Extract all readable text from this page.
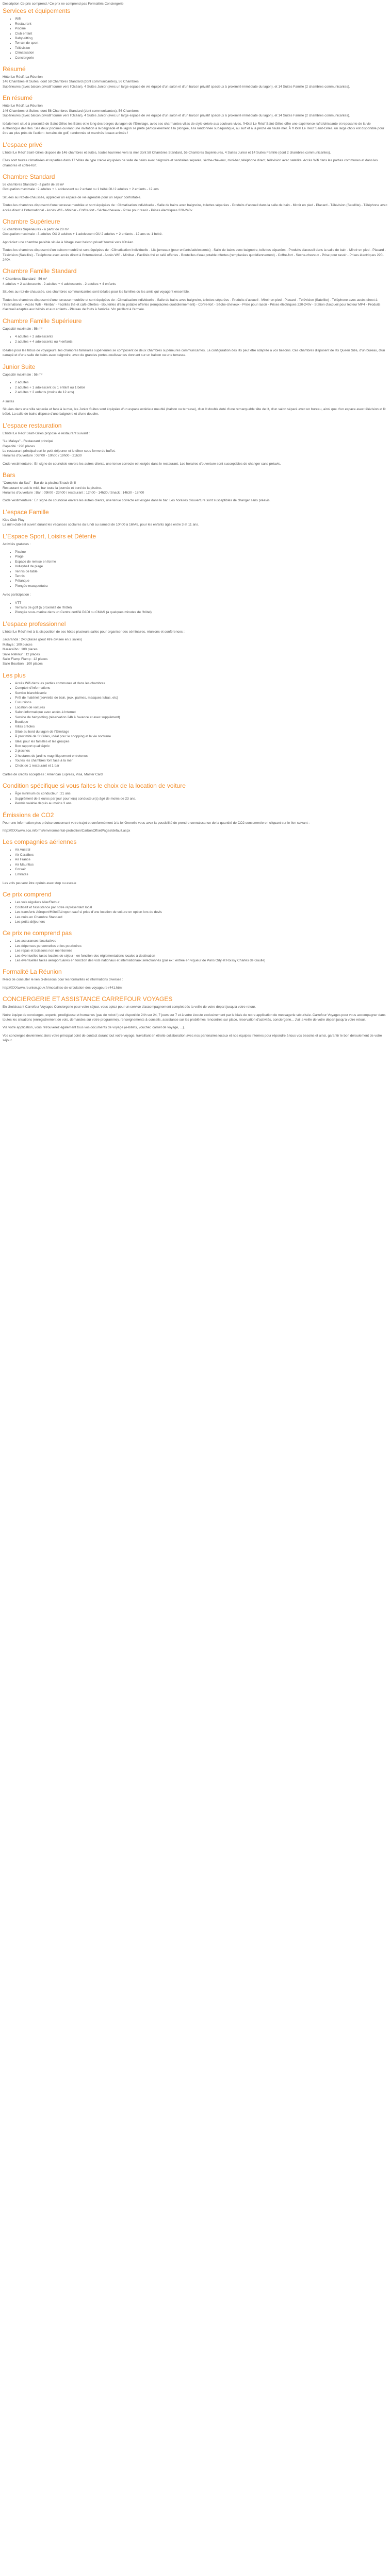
Description Ce prix comprend / Ce prix ne comprend pas Formalités Conciergerie
Services et équipements
• Wifi
• Restaurant
• Piscine
• Club enfant
• Baby-sitting
• Terrain de sport
• Télévision
• Climatisation
• Conciergerie
Résumé

Hôtel Le Récif, La Réunion
146 Chambres et Suites, dont 58 Chambres Standard (dont communicantes), 56 Chambres
Supérieures (avec balcon privatif tourné vers l'Océan), 4 Suites Junior (avec un large espace de vie équipé d'un salon et d'un balcon privatif spacieux à proximité immédiate du lagon), et 14 Suites Famille (2 chambres communicantes).

En résumé

Hôtel Le Récif, La Réunion
146 Chambres et Suites, dont 58 Chambres Standard (dont communicantes), 56 Chambres
Supérieures (avec balcon privatif tourné vers l'Océan), 4 Suites Junior (avec un large espace de vie équipé d'un salon et d'un balcon privatif spacieux à proximité immédiate du lagon), et 14 Suites Famille (2 chambres communicantes).

Idéalement situé à proximité de Saint-Gilles les Bains et le long des berges du lagon de l'Ermitage, avec ses charmantes villas de style créole aux couleurs vives, l'Hôtel Le Récif Saint-Gilles offre une expérience rafraîchissante et reposante de la vie authentique des îles. Ses deux piscines ouvrant une invitation à la baignade et le lagon se prête particulièrement à la plongée, à la randonnée subaquatique, au surf et à la pêche en haute mer. À l'Hôtel Le Récif Saint-Gilles, un large choix est disponible pour être au plus près de l'action : terrains de golf, randonnée et marchés locaux animés !

L'espace privé

L'hôtel Le Récif Saint-Gilles dispose de 146 chambres et suites, toutes tournées vers la mer dont 58 Chambres Standard, 56 Chambres Supérieures, 4 Suites Junior et 14 Suites Famille (dont 2 chambres communicantes).

Elles sont toutes climatisées et reparties dans 17 Villas de type créole équipées de salle de bains avec baignoire et sanitaires séparés, sèche-cheveux, mini-bar, téléphone direct, télévision avec satellite. Accès Wifi dans les parties communes et dans les chambres et coffre-fort.

Chambre Standard

58 chambres Standard - à partir de 28 m²
Occupation maximale : 2 adultes + 1 adolescent ou 2 enfant ou 1 bébé OU 2 adultes + 2 enfants - 12 ans

Situées au rez-de-chaussée, apprécier un espace de vie agréable pour un séjour confortable.

Toutes les chambres disposent d'une terrasse meublée et sont équipées de : Climatisation individuelle - Salle de bains avec baignoire, toilettes séparées - Produits d'accueil dans la salle de bain - Miroir en pied - Placard - Télévision (Satellite) - Téléphone avec accès direct à l'international - Accès Wifi - Minibar - Coffre-fort - Sèche-cheveux - Prise pour rasoir - Prises électriques 220-240v.

Chambre Supérieure

56 chambres Supérieures - à partir de 28 m²
Occupation maximale : 3 adultes OU 2 adultes + 1 adolescent OU 2 adultes + 2 enfants - 12 ans ou 1 bébé.

Appréciez une chambre paisible située à l'étage avec balcon privatif tourné vers l'Océan.

Toutes les chambres disposent d'un balcon meublé et sont équipées de : Climatisation individuelle - Lits jumeaux (pour enfants/adolescents) - Salle de bains avec baignoire, toilettes séparées - Produits d'accueil dans la salle de bain - Miroir en pied - Placard - Télévision (Satellite) - Téléphone avec accès direct à l'international - Accès Wifi - Minibar - Facilités thé et café offertes - Bouteilles d'eau potable offertes (remplacées quotidiennement) - Coffre-fort - Sèche-cheveux - Prise pour rasoir - Prises électriques 220-240v.

Chambre Famille Standard

4 Chambres Standard - 56 m²
4 adultes + 2 adolescents - 2 adultes + 4 adolescents - 2 adultes + 4 enfants

Situées au rez-de-chaussée, ces chambres communicantes sont idéales pour les familles ou les amis qui voyagent ensemble.

Toutes les chambres disposent d'une terrasse meublée et sont équipées de : Climatisation individuelle - Salle de bains avec baignoire, toilettes séparées - Produits d'accueil - Miroir en pied - Placard - Télévision (Satellite) - Téléphone avec accès direct à l'international - Accès Wifi - Minibar - Facilités thé et café offertes - Bouteilles d'eau potable offertes (remplacées quotidiennement) - Coffre-fort - Sèche-cheveux - Prise pour rasoir - Prises électriques 220-240v - Station d'accueil pour lecteur MP4 - Produits d'accueil adaptés aux bébés et aux enfants - Plateau de fruits à l'arrivée. Vin pétillant à l'arrivée.

Chambre Famille Supérieure

Capacité maximale : 56 m²

• 4 adultes + 2 adolescents
• 2 adultes + 4 adolescents ou 4 enfants

Idéales pour les tribus de voyageurs, les chambres familiales supérieures se composent de deux chambres supérieures communicantes. La configuration des lits peut être adaptée à vos besoins. Ces chambres disposent de lits Queen Size, d'un bureau, d'un canapé et d'une salle de bains avec baignoire, avec de grandes portes-coulissantes donnant sur un balcon ou une terrasse.

Junior Suite

Capacité maximale : 56 m²

• 2 adultes
• 2 adultes + 1 adolescent ou 1 enfant ou 1 bébé
• 2 adultes + 2 enfants (moins de 12 ans)

# suites

Situées dans une villa séparée et face à la mer, les Junior Suites sont équipées d'un espace extérieur meublé (balcon ou terrasse), d'un lit double doté d'une remarquable tête de lit, d'un salon séparé avec un bureau, ainsi que d'un espace avec télévision et lit bébé. La salle de bains dispose d'une baignoire et d'une douche.

L'espace restauration

L'hôtel Le Récif Saint-Gilles propose le restaurant suivant :

"Le Malaya" - Restaurant principal
Capacité : 220 places
Le restaurant principal sert le petit-déjeuner et le dîner sous forme de buffet.
Horaires d'ouverture : 06h00 - 10h00 / 19h00 - 21h30

Code vestimentaire : En signe de courtoisie envers les autres clients, une tenue correcte est exigée dans le restaurant. Les horaires d'ouverture sont susceptibles de changer sans préavis.

Bars

"Complete du Sud" - Bar de la piscine/Snack Grill
Restaurant snack le midi, bar toute la journée et bord de la piscine.
Horaires d'ouverture : Bar : 09h00 - 23h00 / restaurant : 12h00 - 14h30 / Snack : 14h30 - 18h00

Code vestimentaire : En signe de courtoisie envers les autres clients, une tenue correcte est exigée dans le bar. Les horaires d'ouverture sont susceptibles de changer sans préavis.

L'espace Famille

Kids Club Play
La mini-club est ouvert durant les vacances scolaires du lundi au samedi de 10h00 à 16h45, pour les enfants âgés entre 3 et 11 ans.

L'Espace Sport, Loisirs et Détente

Activités gratuites :

• Piscine
• Plage
• Espace de remise en forme
• Volleyball de plage
• Tennis de table
• Tennis
• Pétanque
• Plongée masque/tuba

Avec participation :

• VTT
• Terrains de golf (à proximité de l'hôtel)
• Plongée sous-marine dans un Centre certifié PADI ou CMAS (à quelques minutes de l'hôtel)
L'espace professionnel

L'hôtel Le Récif met à la disposition de ses hôtes plusieurs salles pour organiser des séminaires, réunions et conférences :

Jacaranda : 240 places (peut être divisée en 2 salles)
Malaya : 100 places
Maracaïbo : 100 places
Salle Ixtélinur : 12 places
Salle Flamp Flamp : 12 places
Salle Bourbon : 100 places

Les plus
• Accès Wifi dans les parties communes et dans les chambres
• Comptoir d'informations
• Service blanchisserie
• Prêt de matériel (serviette de bain, jeux, palmes, masques tubas, etc)
• Excursions
• Location de voitures
• Salon informatique avec accès à Internet
• Service de babysitting (réservation 24h à l'avance et avec supplément)
• Boutique
• Villas créoles
• Situé au bord du lagon de l'Ermitage
• À proximité de St Gilles, idéal pour le shopping et la vie nocturne
• Idéal pour les familles et les groupes
• Bon rapport qualité/prix
• 2 piscines
• 2 hectares de jardins magnifiquement entretenus
• Toutes les chambres font face à la mer
• Choix de 1 restaurant et 1 bar

Cartes de crédits acceptées : American Express, Visa, Master Card

Condition spécifique si vous faites le choix de la location de voiture
• Âge minimum du conducteur : 21 ans
• Supplément de 5 euros par jour pour le(s) conducteur(s) âgé de moins de 23 ans.
• Permis valable depuis au moins 3 ans.
Émissions de CO2

Pour une information plus précise concernant votre trajet et conformément à la loi Grenelle vous avez la possibilité de prendre connaissance de la quantité de CO2 consommée en cliquant sur le lien suivant :

http://XXXwww.eco.informs/environmental-protection/CarbonOffsetPages/default.aspx

Les compagnies aériennes
• Air Austral
• Air Caraïbes
• Air France
• Air Mauritius
• Corsair
• Emirates

Les vols peuvent être opérés avec stop ou escale

Ce prix comprend
• Les vols réguliers Aller/Retour
• Coût/salt et l'assistance par notre représentant local
• Les transferts Aéroport/Hôtel/Aéroport sauf si prise d'une location de voiture en option lors du devis
• Les nuits en Chambre Standard
• Les petits déjeuners
Ce prix ne comprend pas
• Les assurances facultatives
• Les dépenses personnelles et les pourboires
• Les repas et boissons non mentionnés
• Les éventuelles taxes locales de séjour - en fonction des réglementations locales à destination
• Les éventuelles taxes aéroportuaires en fonction des vols nationaux et internationaux sélectionnés (par ex : entrée en vigueur de Paris Orly et Roissy Charles de Gaulle)
Formalité La Réunion

Merci de consulter le lien ci-dessous pour les formalités et informations diverses :

http://XXXwww.reunion.gouv.fr/modalites-de-circulation-des-voyageurs-r441.html

CONCIERGERIE ET ASSISTANCE CARREFOUR VOYAGES

En choisissant Carrefour Voyages Conciergerie pour votre séjour, vous optez pour un service d'accompagnement complet dès la veille de votre départ jusqu'à votre retour.

Notre équipe de concierges, experts, prodigieuse et humaines (pas de robot !) est disponible 24h sur 24, 7 jours sur 7 et à votre écoute exclusivement par le biais de notre application de messagerie sécurisée. Carrefour Voyages pour vous accompagner dans toutes les situations (enregistrement de vols, demandes sur votre programme), renseignements & conseils, assistance sur les problèmes rencontrés sur place, réservation d'activités, conciergerie... J'ai la veille de votre départ jusqu'à votre retour.

Via votre application, vous retrouverez également tous vos documents de voyage (e-billets, voucher, carnet de voyage, ...).

Vos concierges deviennent alors votre principal point de contact durant tout votre voyage, travaillant en étroite collaboration avec nos partenaires locaux et nos équipes internes pour répondre à tous vos besoins et ainsi, garantir le bon déroulement de votre séjour.
